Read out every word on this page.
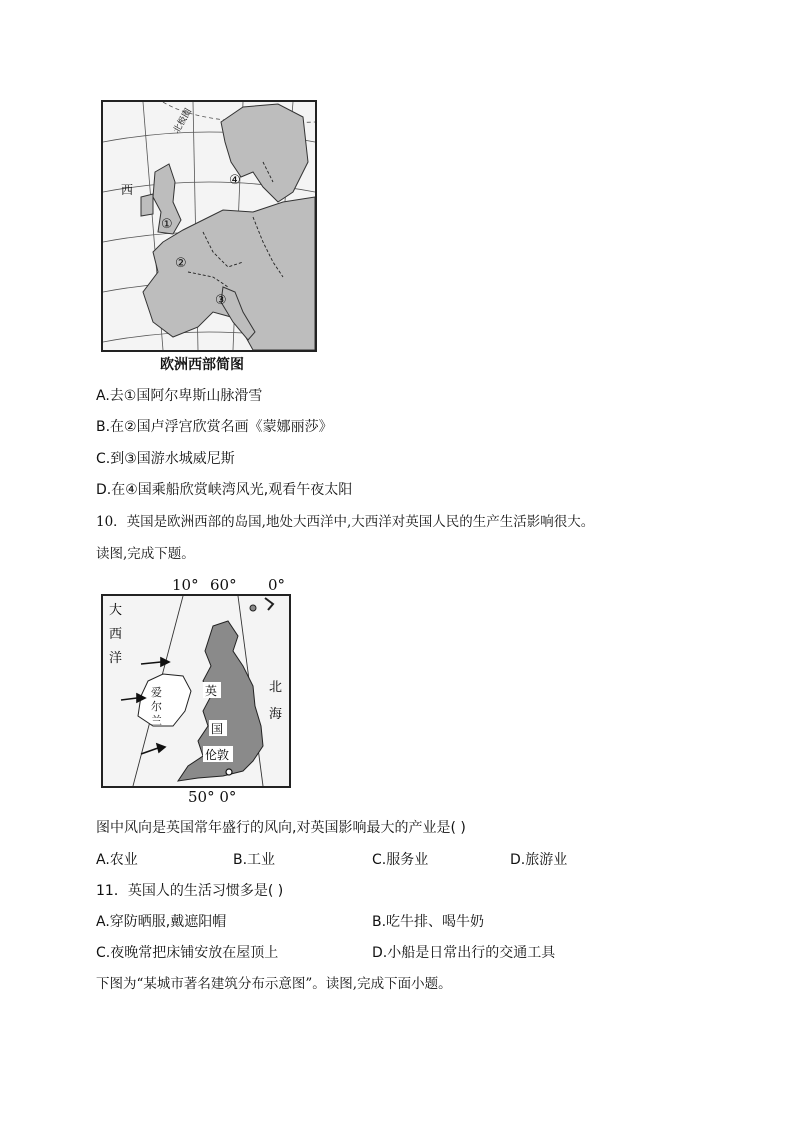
北极圈
西
①
②
③
④
欧洲西部简图
A.去①国阿尔卑斯山脉滑雪
B.在②国卢浮宫欣赏名画《蒙娜丽莎》
C.到③国游水城威尼斯
D.在④国乘船欣赏峡湾风光,观看午夜太阳
10．英国是欧洲西部的岛国,地处大西洋中,大西洋对英国人民的生产生活影响很大。
读图,完成下题。
10° 60° 0°
大
西
洋
爱
尔
兰
英
国
伦敦
北
海
50° 0°
图中风向是英国常年盛行的风向,对英国影响最大的产业是( )
A.农业	B.工业	C.服务业	D.旅游业
11．英国人的生活习惯多是( )
A.穿防晒服,戴遮阳帽	B.吃牛排、喝牛奶
C.夜晚常把床铺安放在屋顶上	D.小船是日常出行的交通工具
下图为“某城市著名建筑分布示意图”。读图,完成下面小题。
